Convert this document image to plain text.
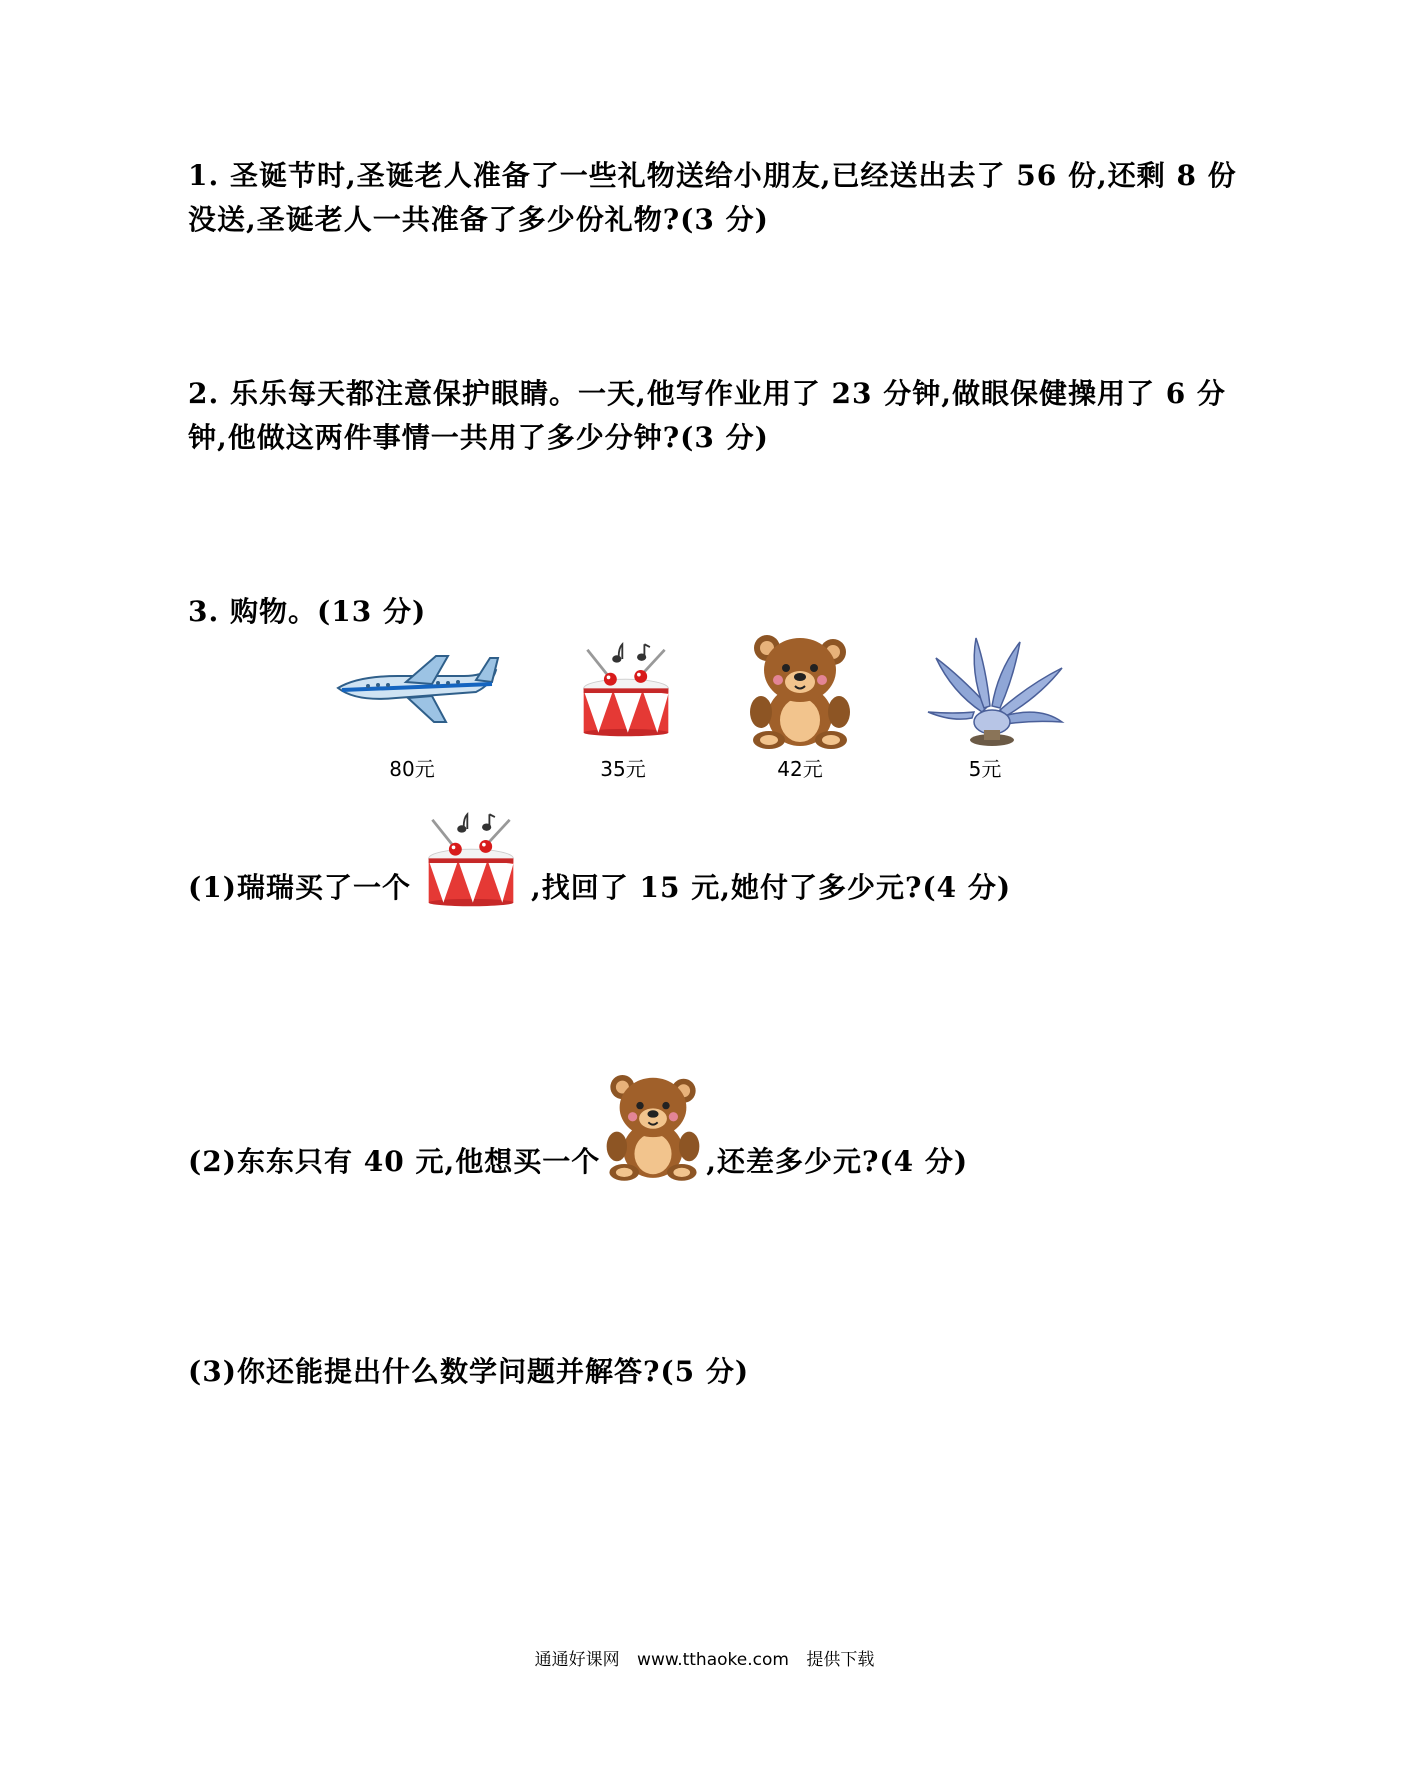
1. 圣诞节时,圣诞老人准备了一些礼物送给小朋友,已经送出去了 56 份,还剩 8 份没送,圣诞老人一共准备了多少份礼物?(3 分)
2. 乐乐每天都注意保护眼睛。一天,他写作业用了 23 分钟,做眼保健操用了 6 分钟,他做这两件事情一共用了多少分钟?(3 分)
3. 购物。(13 分)
80元	35元	42元	5元
(1)瑞瑞买了一个	,找回了 15 元,她付了多少元?(4 分)
(2)东东只有 40 元,他想买一个	,还差多少元?(4 分)
(3)你还能提出什么数学问题并解答?(5 分)
通通好课网 www.tthaoke.com 提供下载
